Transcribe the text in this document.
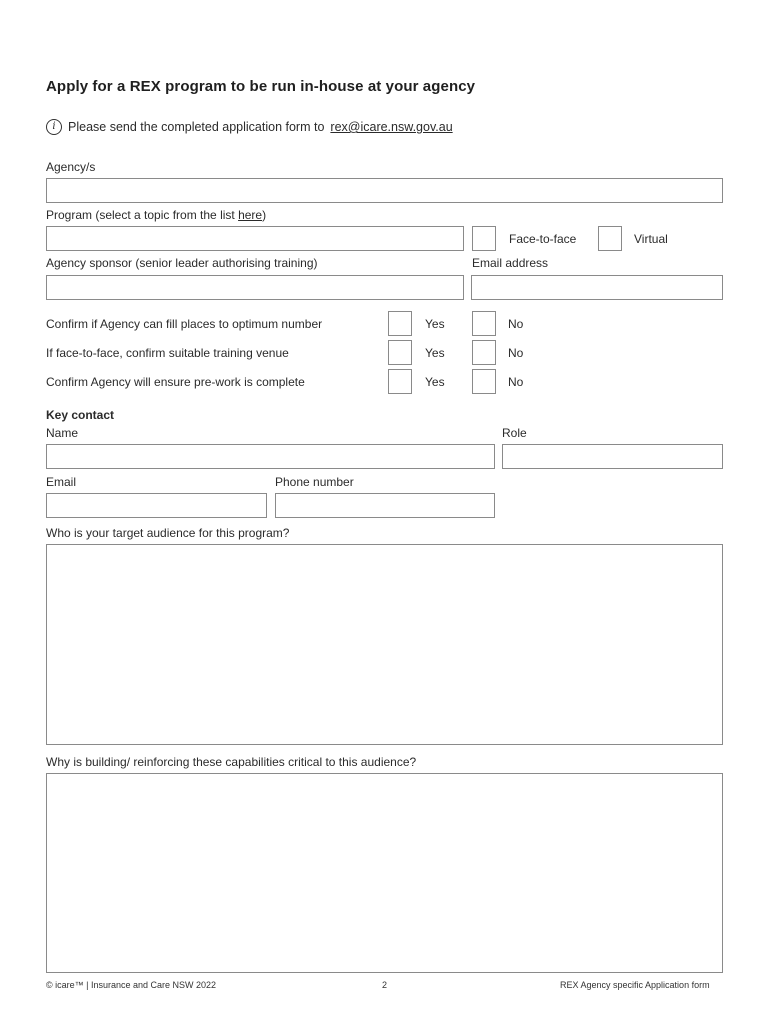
Apply for a REX program to be run in-house at your agency
i Please send the completed application form to rex@icare.nsw.gov.au
Agency/s
Program (select a topic from the list here)
Face-to-face	Virtual
Agency sponsor (senior leader authorising training)	Email address
Confirm if Agency can fill places to optimum number	Yes	No
If face-to-face, confirm suitable training venue	Yes	No
Confirm Agency will ensure pre-work is complete	Yes	No
Key contact
Name	Role
Email	Phone number
Who is your target audience for this program?
Why is building/ reinforcing these capabilities critical to this audience?
© icare™ | Insurance and Care NSW 2022	2	REX Agency specific Application form
